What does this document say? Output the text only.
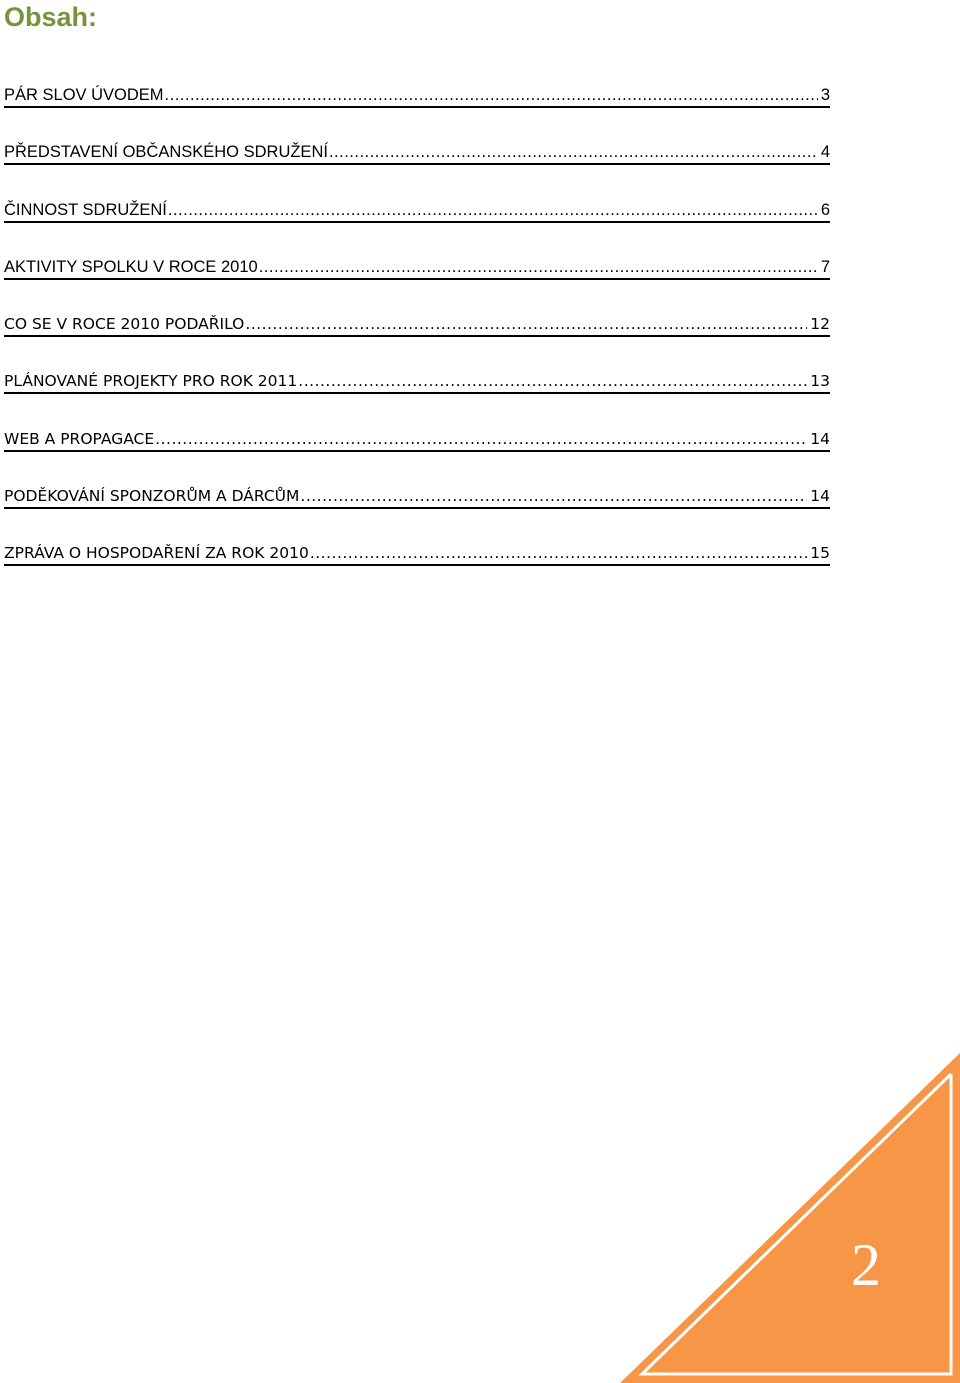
Obsah:
PÁR SLOV ÚVODEM .....	3
PŘEDSTAVENÍ OBČANSKÉHO SDRUŽENÍ .....	4
ČINNOST SDRUŽENÍ .....	6
AKTIVITY SPOLKU V ROCE 2010 .....	7
CO SE V ROCE 2010 PODAŘILO .....	12
PLÁNOVANÉ PROJEKTY PRO ROK 2011 .....	13
WEB A PROPAGACE .....	14
PODĚKOVÁNÍ SPONZORŮM A DÁRCŮM .....	14
ZPRÁVA O HOSPODAŘENÍ ZA ROK 2010 .....	15
2
